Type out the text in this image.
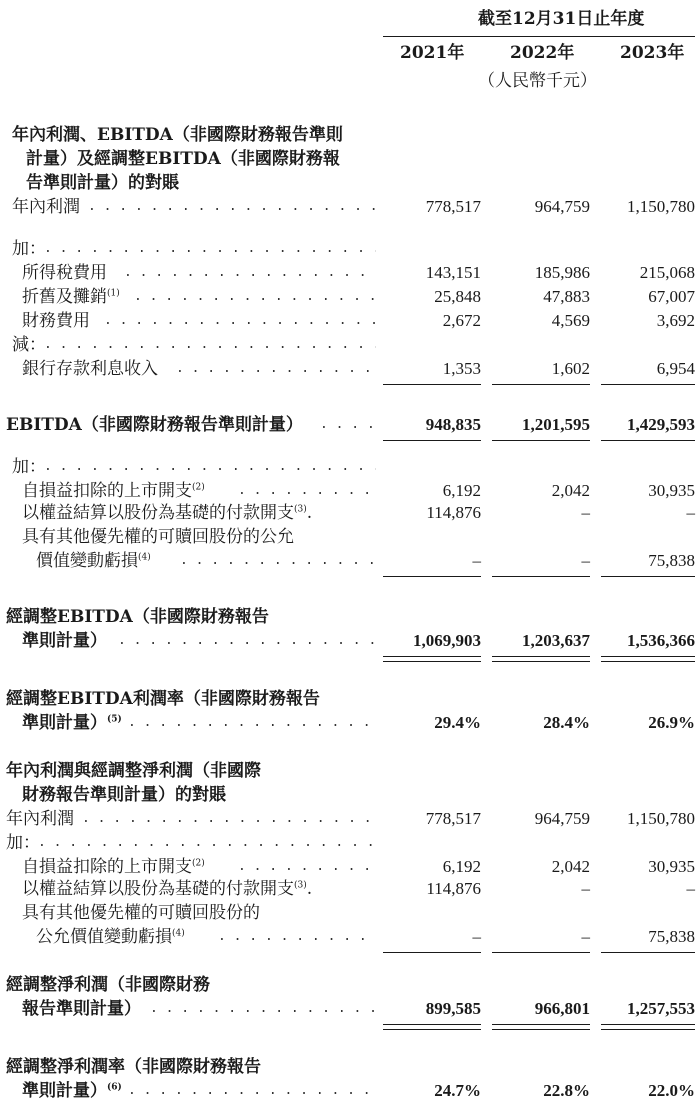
截至12月31日止年度
2021年	2022年	2023年
（人民幣千元）
年內利潤、EBITDA（非國際財務報告準則
計量）及經調整EBITDA（非國際財務報
告準則計量）的對賬
年內利潤 . . .	778,517	964,759	1,150,780
加：
. . .
所得稅費用 . . .	143,151	185,986	215,068
折舊及攤銷$^{(1)}$ . . .	25,848	47,883	67,007
財務費用 . . .	2,672	4,569	3,692
減：
. . .
銀行存款利息收入 . . .	1,353	1,602	6,954
EBITDA（非國際財務報告準則計量） . . .	948,835	1,201,595	1,429,593
加：
. . .
自損益扣除的上市開支$^{(2)}$ . . .	6,192	2,042	30,935
以權益結算以股份為基礎的付款開支$^{(3)}$.	114,876	–	–
具有其他優先權的可贖回股份的公允
價值變動虧損$^{(4)}$ . . .	–	–	75,838
經調整EBITDA（非國際財務報告
準則計量） . . .	1,069,903	1,203,637	1,536,366
經調整EBITDA利潤率（非國際財務報告
準則計量）$^{(5)}$ . . .	29.4%	28.4%	26.9%
年內利潤與經調整淨利潤（非國際
財務報告準則計量）的對賬
年內利潤 . . .	778,517	964,759	1,150,780
加：
. . .
自損益扣除的上市開支$^{(2)}$ . . .	6,192	2,042	30,935
以權益結算以股份為基礎的付款開支$^{(3)}$.	114,876	–	–
具有其他優先權的可贖回股份的
公允價值變動虧損$^{(4)}$ . . .	–	–	75,838
經調整淨利潤（非國際財務
報告準則計量） . . .	899,585	966,801	1,257,553
經調整淨利潤率（非國際財務報告
準則計量）$^{(6)}$ . . .	24.7%	22.8%	22.0%
